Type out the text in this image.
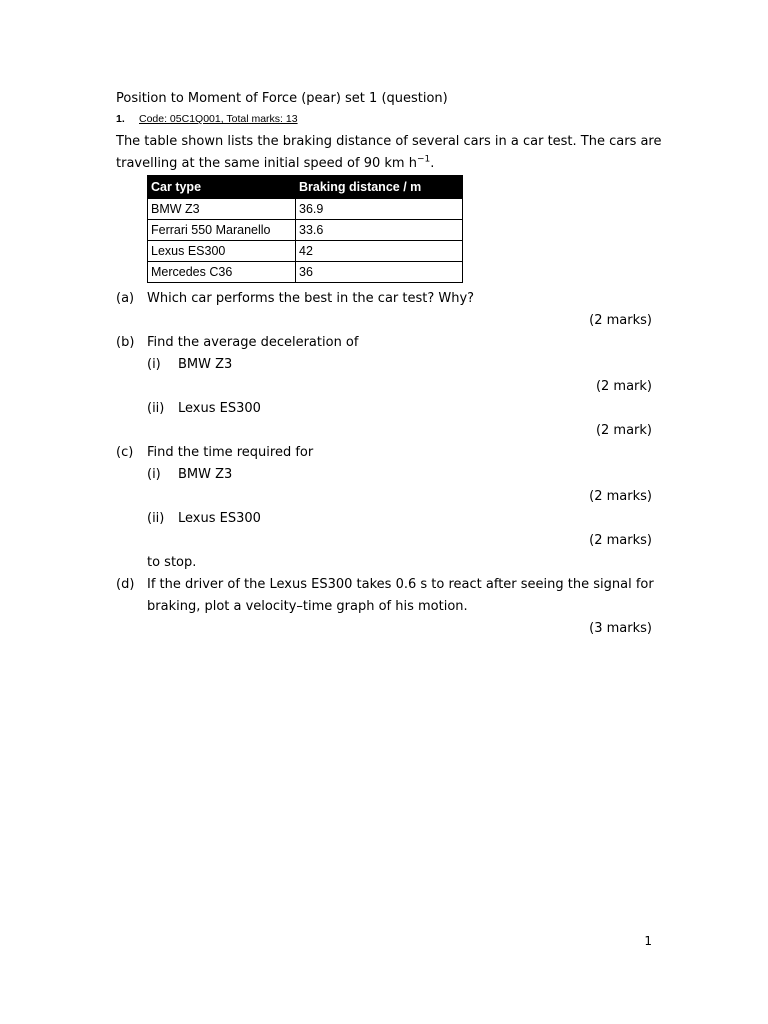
Position to Moment of Force (pear) set 1 (question)
1. Code: 05C1Q001, Total marks: 13
The table shown lists the braking distance of several cars in a car test. The cars are
travelling at the same initial speed of 90 km $h^{-1}$.
Car type	Braking distance / m
BMW Z3	36.9
Ferrari 550 Maranello	33.6
Lexus ES300	42
Mercedes C36	36
(a) Which car performs the best in the car test? Why?
(2 marks)
(b) Find the average deceleration of
(i) BMW Z3
(2 mark)
(ii) Lexus ES300
(2 mark)
(c) Find the time required for
(i) BMW Z3
(2 marks)
(ii) Lexus ES300
(2 marks)
to stop.
(d) If the driver of the Lexus ES300 takes 0.6 s to react after seeing the signal for
braking, plot a velocity–time graph of his motion.
(3 marks)
1
